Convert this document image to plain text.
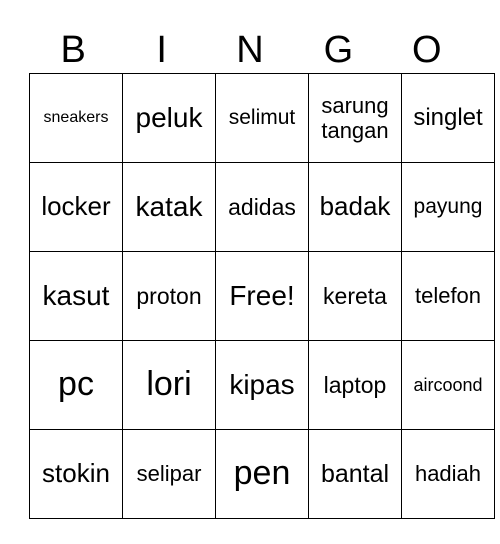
B	I	N	G	O
sneakers	peluk	selimut	sarung tangan	singlet
locker	katak	adidas	badak	payung
kasut	proton	Free!	kereta	telefon
pc	lori	kipas	laptop	aircoond
stokin	selipar	pen	bantal	hadiah
